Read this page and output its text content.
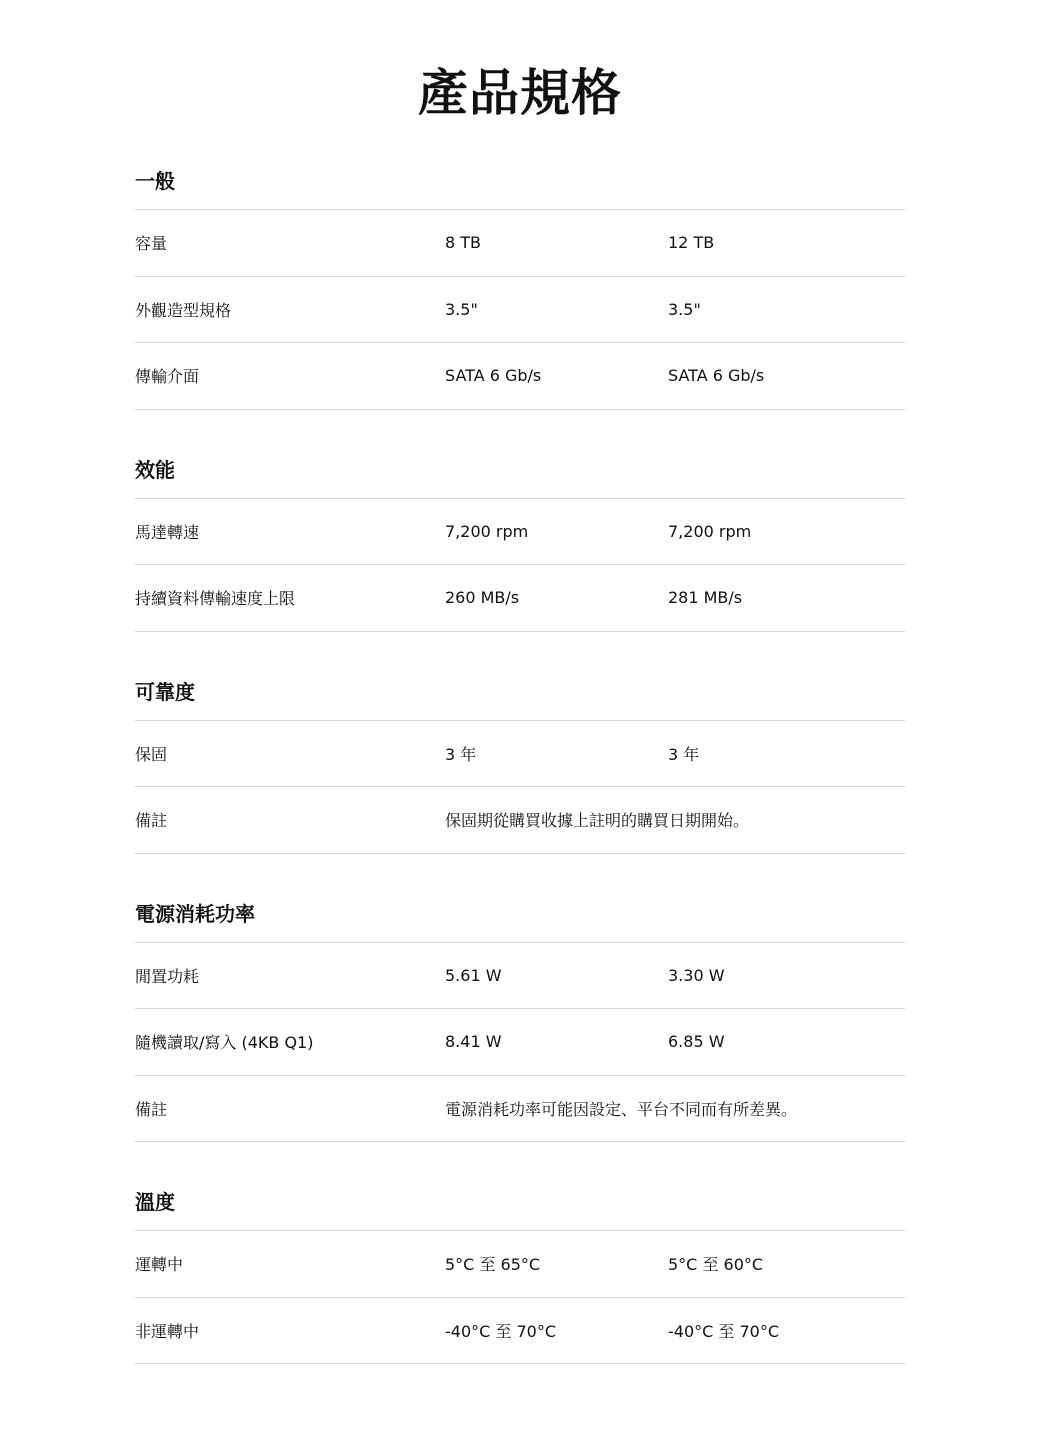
產品規格
一般
容量	8 TB	12 TB
外觀造型規格	3.5"	3.5"
傳輸介面	SATA 6 Gb/s	SATA 6 Gb/s
效能
馬達轉速	7,200 rpm	7,200 rpm
持續資料傳輸速度上限	260 MB/s	281 MB/s
可靠度
保固	3 年	3 年
備註	保固期從購買收據上註明的購買日期開始。
電源消耗功率
閒置功耗	5.61 W	3.30 W
隨機讀取/寫入 (4KB Q1)	8.41 W	6.85 W
備註	電源消耗功率可能因設定、平台不同而有所差異。
溫度
運轉中	5°C 至 65°C	5°C 至 60°C
非運轉中	-40°C 至 70°C	-40°C 至 70°C
